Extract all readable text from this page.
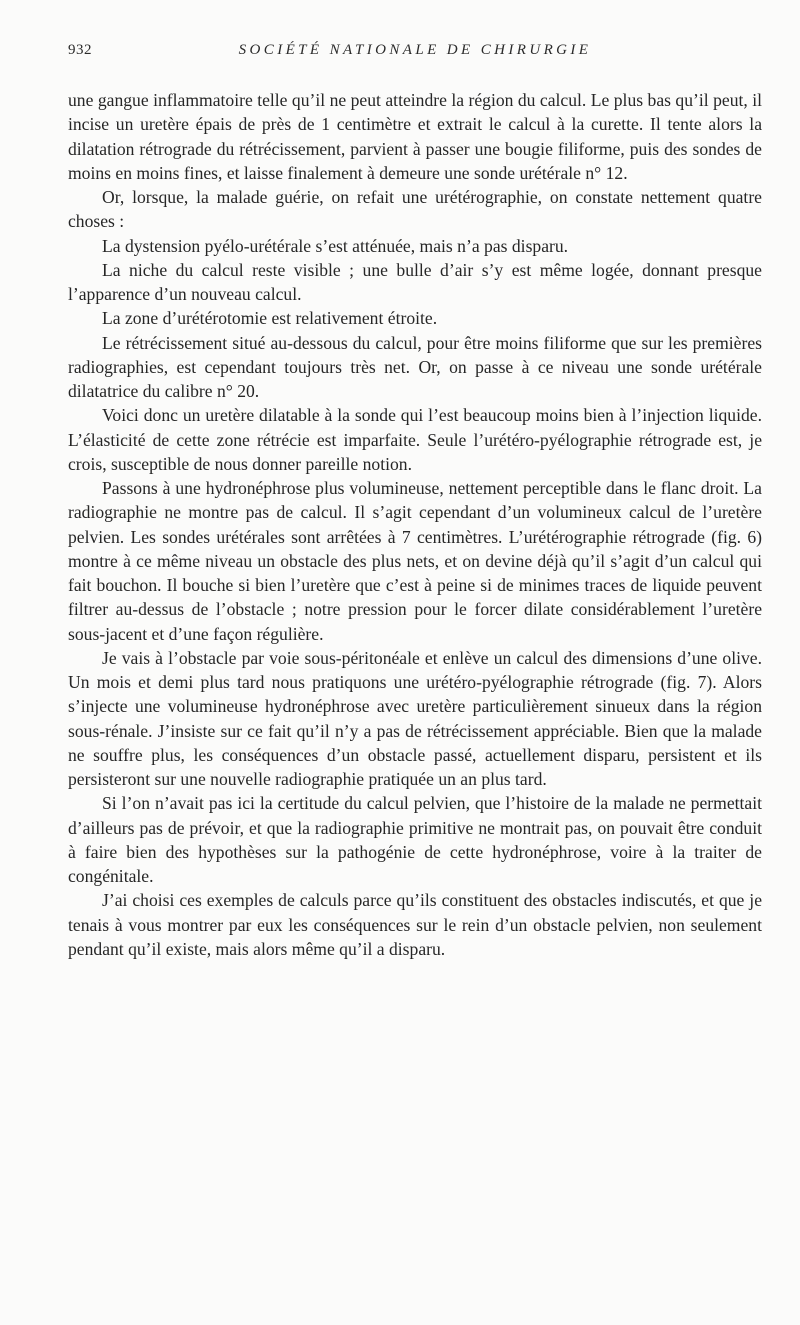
932	SOCIÉTÉ NATIONALE DE CHIRURGIE

une gangue inflammatoire telle qu’il ne peut atteindre la région du calcul. Le plus bas qu’il peut, il incise un uretère épais de près de 1 centimètre et extrait le calcul à la curette. Il tente alors la dilatation rétrograde du rétrécissement, parvient à passer une bougie filiforme, puis des sondes de moins en moins fines, et laisse finalement à demeure une sonde urétérale n° 12.

Or, lorsque, la malade guérie, on refait une urétérographie, on constate nettement quatre choses :

La dystension pyélo-urétérale s’est atténuée, mais n’a pas disparu.

La niche du calcul reste visible ; une bulle d’air s’y est même logée, donnant presque l’apparence d’un nouveau calcul.

La zone d’urétérotomie est relativement étroite.

Le rétrécissement situé au-dessous du calcul, pour être moins filiforme que sur les premières radiographies, est cependant toujours très net. Or, on passe à ce niveau une sonde urétérale dilatatrice du calibre n° 20.

Voici donc un uretère dilatable à la sonde qui l’est beaucoup moins bien à l’injection liquide. L’élasticité de cette zone rétrécie est imparfaite. Seule l’urétéro-pyélographie rétrograde est, je crois, susceptible de nous donner pareille notion.

Passons à une hydronéphrose plus volumineuse, nettement perceptible dans le flanc droit. La radiographie ne montre pas de calcul. Il s’agit cependant d’un volumineux calcul de l’uretère pelvien. Les sondes urétérales sont arrêtées à 7 centimètres. L’urétérographie rétrograde (fig. 6) montre à ce même niveau un obstacle des plus nets, et on devine déjà qu’il s’agit d’un calcul qui fait bouchon. Il bouche si bien l’uretère que c’est à peine si de minimes traces de liquide peuvent filtrer au-dessus de l’obstacle ; notre pression pour le forcer dilate considérablement l’uretère sous-jacent et d’une façon régulière.

Je vais à l’obstacle par voie sous-péritonéale et enlève un calcul des dimensions d’une olive. Un mois et demi plus tard nous pratiquons une urétéro-pyélographie rétrograde (fig. 7). Alors s’injecte une volumineuse hydronéphrose avec uretère particulièrement sinueux dans la région sous-rénale. J’insiste sur ce fait qu’il n’y a pas de rétrécissement appréciable. Bien que la malade ne souffre plus, les conséquences d’un obstacle passé, actuellement disparu, persistent et ils persisteront sur une nouvelle radiographie pratiquée un an plus tard.

Si l’on n’avait pas ici la certitude du calcul pelvien, que l’histoire de la malade ne permettait d’ailleurs pas de prévoir, et que la radiographie primitive ne montrait pas, on pouvait être conduit à faire bien des hypothèses sur la pathogénie de cette hydronéphrose, voire à la traiter de congénitale.

J’ai choisi ces exemples de calculs parce qu’ils constituent des obstacles indiscutés, et que je tenais à vous montrer par eux les conséquences sur le rein d’un obstacle pelvien, non seulement pendant qu’il existe, mais alors même qu’il a disparu.
